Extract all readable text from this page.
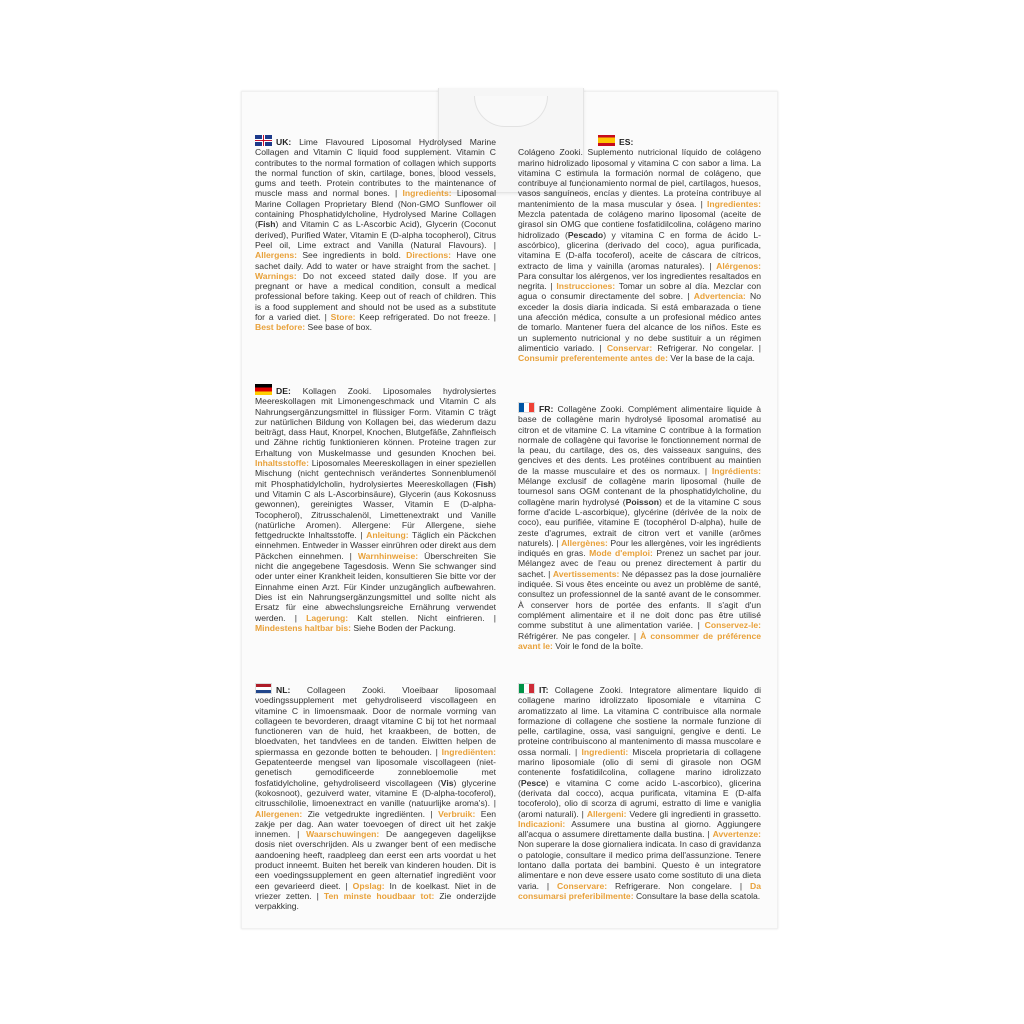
UK: Lime Flavoured Liposomal Hydrolysed Marine Collagen and Vitamin C liquid food supplement. Vitamin C contributes to the normal formation of collagen which supports the normal function of skin, cartilage, bones, blood vessels, gums and teeth. Protein contributes to the maintenance of muscle mass and normal bones. | Ingredients: Liposomal Marine Collagen Proprietary Blend (Non-GMO Sunflower oil containing Phosphatidylcholine, Hydrolysed Marine Collagen (Fish) and Vitamin C as L-Ascorbic Acid), Glycerin (Coconut derived), Purified Water, Vitamin E (D-alpha tocopherol), Citrus Peel oil, Lime extract and Vanilla (Natural Flavours). | Allergens: See ingredients in bold. Directions: Have one sachet daily. Add to water or have straight from the sachet. | Warnings: Do not exceed stated daily dose. If you are pregnant or have a medical condition, consult a medical professional before taking. Keep out of reach of children. This is a food supplement and should not be used as a substitute for a varied diet. | Store: Keep refrigerated. Do not freeze. | Best before: See base of box.
DE: Kollagen Zooki. Liposomales hydrolysiertes Meereskollagen mit Limonengeschmack und Vitamin C als Nahrungsergänzungsmittel in flüssiger Form. Vitamin C trägt zur natürlichen Bildung von Kollagen bei, das wiederum dazu beiträgt, dass Haut, Knorpel, Knochen, Blutgefäße, Zahnfleisch und Zähne richtig funktionieren können. Proteine tragen zur Erhaltung von Muskelmasse und gesunden Knochen bei. Inhaltsstoffe: Liposomales Meereskollagen in einer speziellen Mischung (nicht gentechnisch verändertes Sonnenblumenöl mit Phosphatidylcholin, hydrolysiertes Meereskollagen (Fish) und Vitamin C als L-Ascorbinsäure), Glycerin (aus Kokosnuss gewonnen), gereinigtes Wasser, Vitamin E (D-alpha-Tocopherol), Zitrusschalenöl, Limettenextrakt und Vanille (natürliche Aromen). Allergene: Für Allergene, siehe fettgedruckte Inhaltsstoffe. | Anleitung: Täglich ein Päckchen einnehmen. Entweder in Wasser einrühren oder direkt aus dem Päckchen einnehmen. | Warnhinweise: Überschreiten Sie nicht die angegebene Tagesdosis. Wenn Sie schwanger sind oder unter einer Krankheit leiden, konsultieren Sie bitte vor der Einnahme einen Arzt. Für Kinder unzugänglich aufbewahren. Dies ist ein Nahrungsergänzungsmittel und sollte nicht als Ersatz für eine abwechslungsreiche Ernährung verwendet werden. | Lagerung: Kalt stellen. Nicht einfrieren. | Mindestens haltbar bis: Siehe Boden der Packung.
NL: Collageen Zooki. Vloeibaar liposomaal voedingssupplement met gehydroliseerd viscollageen en vitamine C in limoensmaak. Door de normale vorming van collageen te bevorderen, draagt vitamine C bij tot het normaal functioneren van de huid, het kraakbeen, de botten, de bloedvaten, het tandvlees en de tanden. Eiwitten helpen de spiermassa en gezonde botten te behouden. | Ingrediënten: Gepatenteerde mengsel van liposomale viscollageen (niet-genetisch gemodificeerde zonnebloemolie met fosfatidylcholine, gehydroliseerd viscollageen (Vis) glycerine (kokosnoot), gezuiverd water, vitamine E (D-alpha-tocoferol), citrusschilolie, limoenextract en vanille (natuurlijke aroma's). | Allergenen: Zie vetgedrukte ingrediënten. | Verbruik: Een zakje per dag. Aan water toevoegen of direct uit het zakje innemen. | Waarschuwingen: De aangegeven dagelijkse dosis niet overschrijden. Als u zwanger bent of een medische aandoening heeft, raadpleeg dan eerst een arts voordat u het product inneemt. Buiten het bereik van kinderen houden. Dit is een voedingssupplement en geen alternatief ingrediënt voor een gevarieerd dieet. | Opslag: In de koelkast. Niet in de vriezer zetten. | Ten minste houdbaar tot: Zie onderzijde verpakking.
ES:
Colágeno Zooki. Suplemento nutricional líquido de colágeno marino hidrolizado liposomal y vitamina C con sabor a lima. La vitamina C estimula la formación normal de colágeno, que contribuye al funcionamiento normal de piel, cartílagos, huesos, vasos sanguíneos, encías y dientes. La proteína contribuye al mantenimiento de la masa muscular y ósea. | Ingredientes: Mezcla patentada de colágeno marino liposomal (aceite de girasol sin OMG que contiene fosfatidilcolina, colágeno marino hidrolizado (Pescado) y vitamina C en forma de ácido L-ascórbico), glicerina (derivado del coco), agua purificada, vitamina E (D-alfa tocoferol), aceite de cáscara de cítricos, extracto de lima y vainilla (aromas naturales). | Alérgenos: Para consultar los alérgenos, ver los ingredientes resaltados en negrita. | Instrucciones: Tomar un sobre al día. Mezclar con agua o consumir directamente del sobre. | Advertencia: No exceder la dosis diaria indicada. Si está embarazada o tiene una afección médica, consulte a un profesional médico antes de tomarlo. Mantener fuera del alcance de los niños. Este es un suplemento nutricional y no debe sustituir a un régimen alimenticio variado. | Conservar: Refrigerar. No congelar. | Consumir preferentemente antes de: Ver la base de la caja.
FR: Collagène Zooki. Complément alimentaire liquide à base de collagène marin hydrolysé liposomal aromatisé au citron et de vitamine C. La vitamine C contribue à la formation normale de collagène qui favorise le fonctionnement normal de la peau, du cartilage, des os, des vaisseaux sanguins, des gencives et des dents. Les protéines contribuent au maintien de la masse musculaire et des os normaux. | Ingrédients: Mélange exclusif de collagène marin liposomal (huile de tournesol sans OGM contenant de la phosphatidylcholine, du collagène marin hydrolysé (Poisson) et de la vitamine C sous forme d'acide L-ascorbique), glycérine (dérivée de la noix de coco), eau purifiée, vitamine E (tocophérol D-alpha), huile de zeste d'agrumes, extrait de citron vert et vanille (arômes naturels). | Allergènes: Pour les allergènes, voir les ingrédients indiqués en gras. Mode d'emploi: Prenez un sachet par jour. Mélangez avec de l'eau ou prenez directement à partir du sachet. | Avertissements: Ne dépassez pas la dose journalière indiquée. Si vous êtes enceinte ou avez un problème de santé, consultez un professionnel de la santé avant de le consommer. À conserver hors de portée des enfants. Il s'agit d'un complément alimentaire et il ne doit donc pas être utilisé comme substitut à une alimentation variée. | Conservez-le: Réfrigérer. Ne pas congeler. | À consommer de préférence avant le: Voir le fond de la boîte.
IT: Collagene Zooki. Integratore alimentare liquido di collagene marino idrolizzato liposomiale e vitamina C aromatizzato al lime. La vitamina C contribuisce alla normale formazione di collagene che sostiene la normale funzione di pelle, cartilagine, ossa, vasi sanguigni, gengive e denti. Le proteine contribuiscono al mantenimento di massa muscolare e ossa normali. | Ingredienti: Miscela proprietaria di collagene marino liposomiale (olio di semi di girasole non OGM contenente fosfatidilcolina, collagene marino idrolizzato (Pesce) e vitamina C come acido L-ascorbico), glicerina (derivata dal cocco), acqua purificata, vitamina E (D-alfa tocoferolo), olio di scorza di agrumi, estratto di lime e vaniglia (aromi naturali). | Allergeni: Vedere gli ingredienti in grassetto. Indicazioni: Assumere una bustina al giorno. Aggiungere all'acqua o assumere direttamente dalla bustina. | Avvertenze: Non superare la dose giornaliera indicata. In caso di gravidanza o patologie, consultare il medico prima dell'assunzione. Tenere lontano dalla portata dei bambini. Questo è un integratore alimentare e non deve essere usato come sostituto di una dieta varia. | Conservare: Refrigerare. Non congelare. | Da consumarsi preferibilmente: Consultare la base della scatola.
